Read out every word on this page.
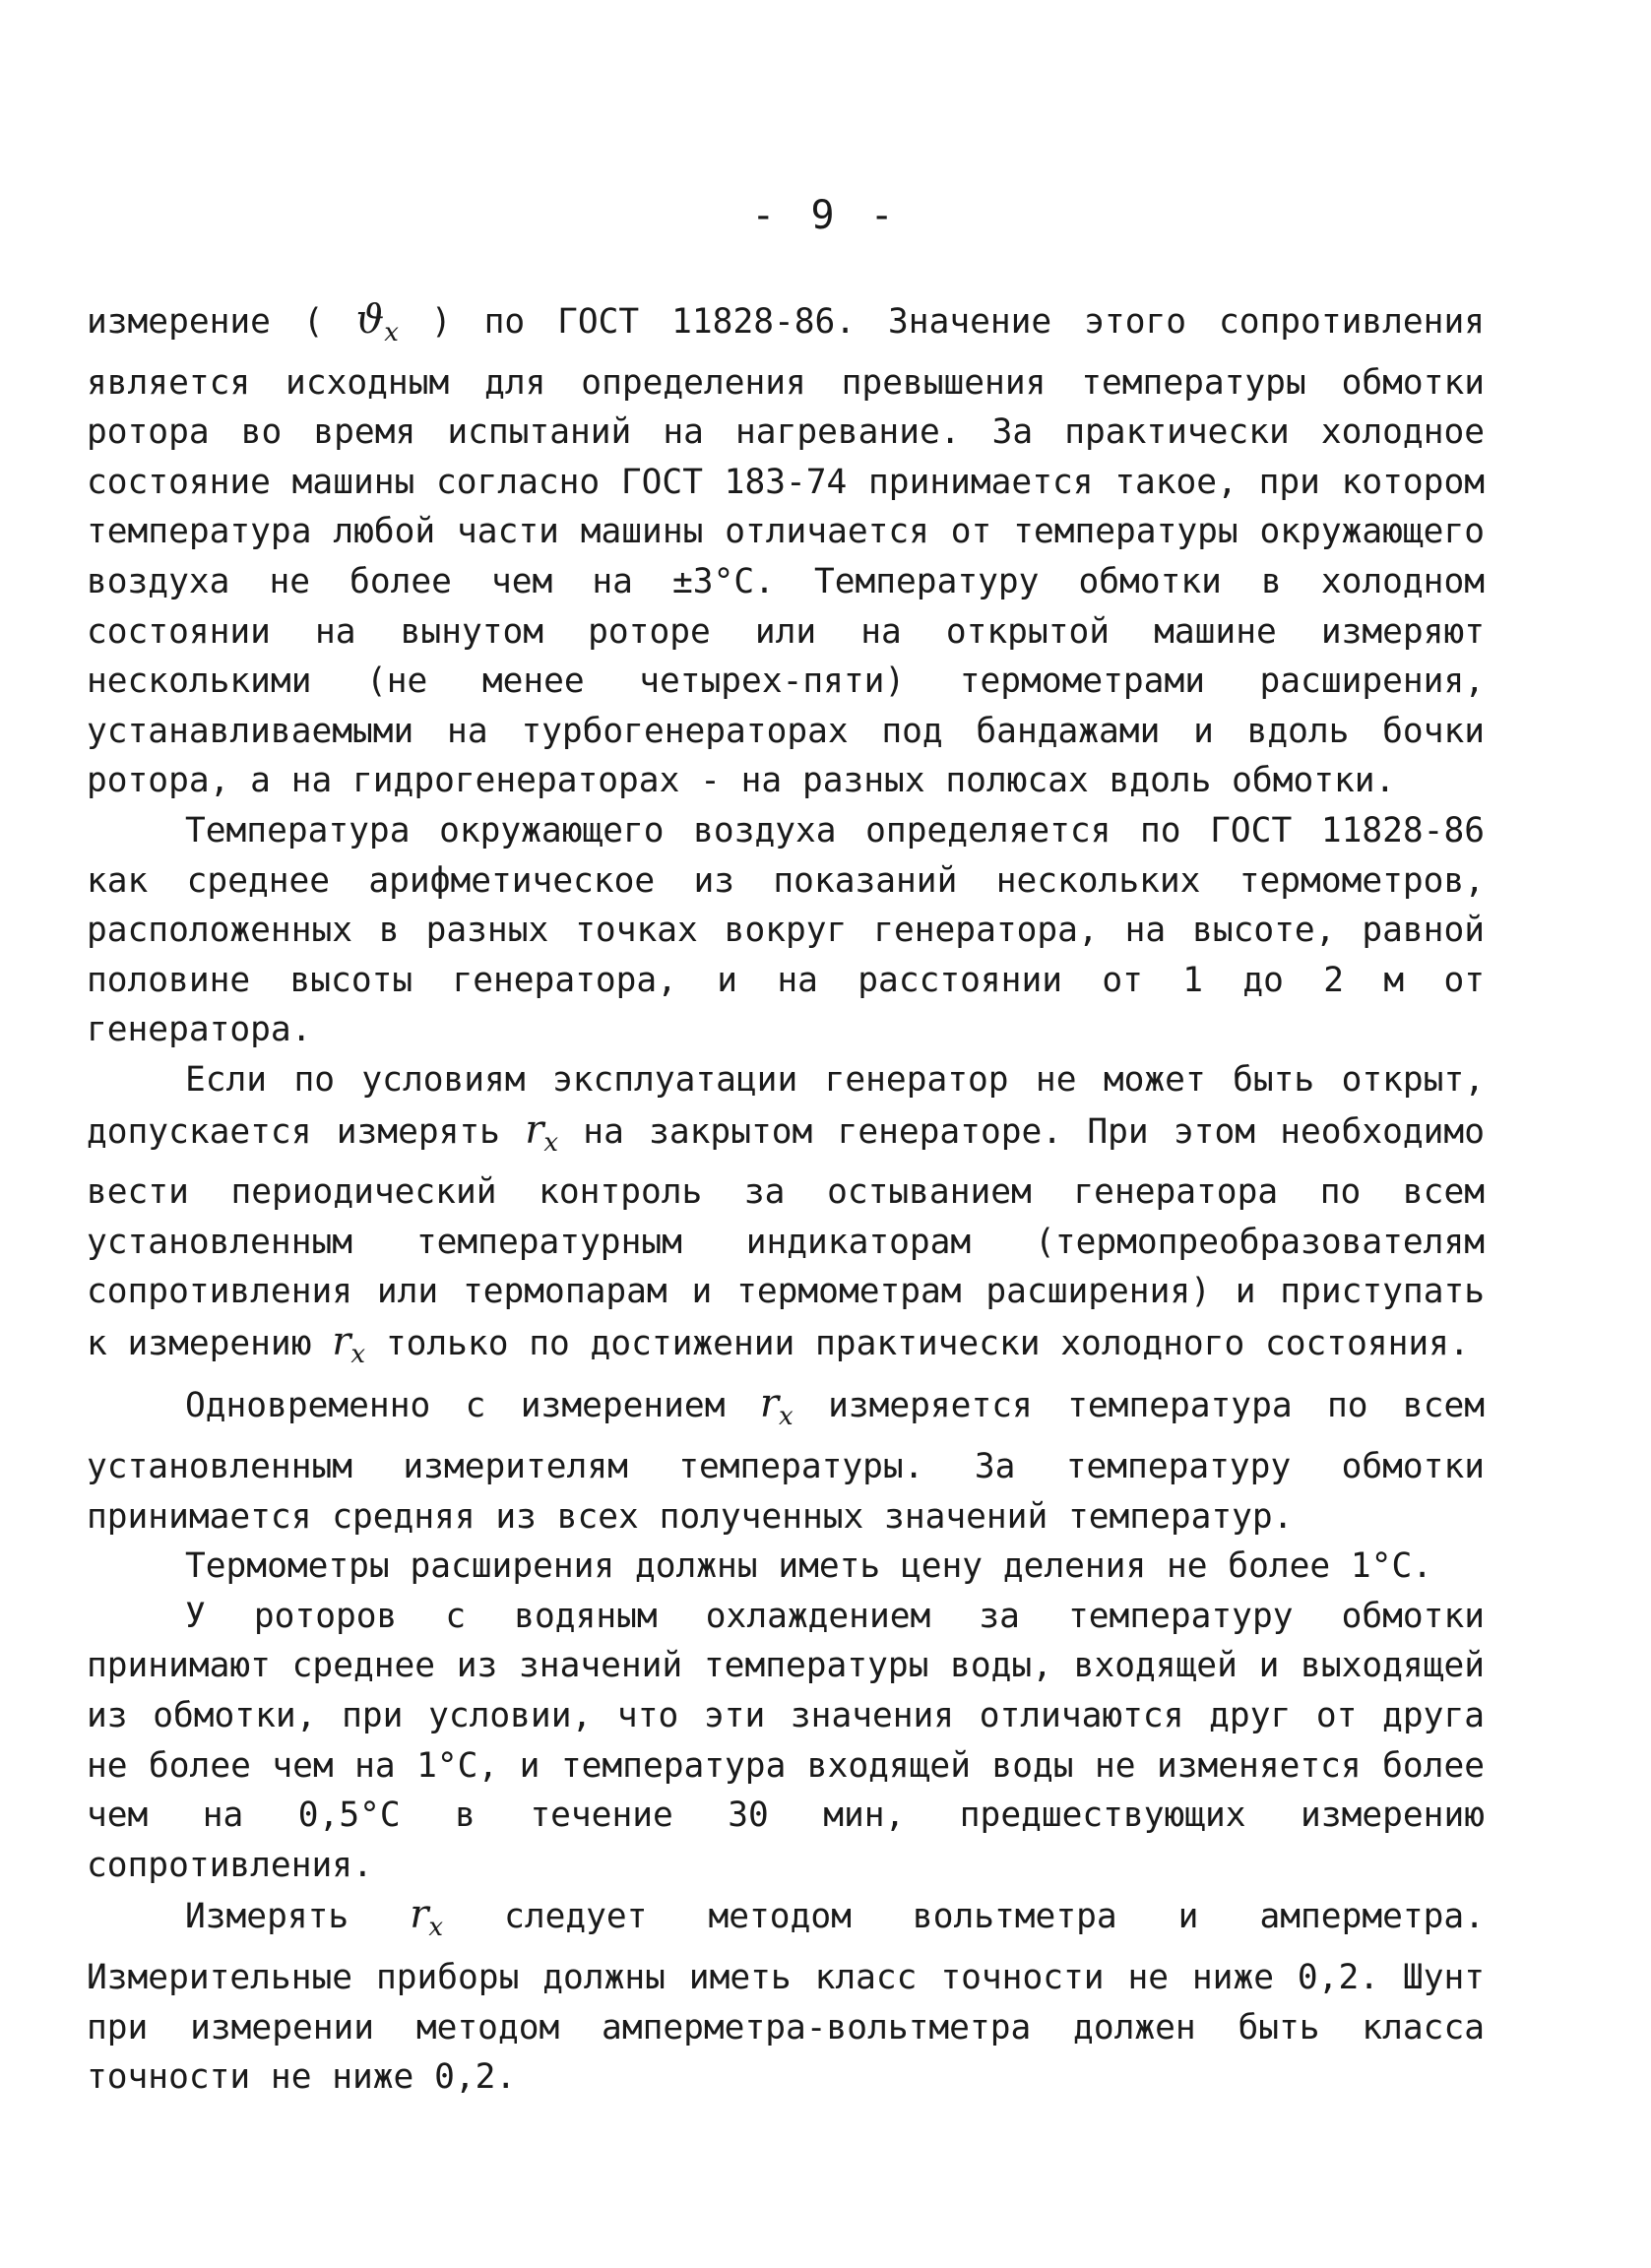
- 9 -

измерение ( $ϑ_x$ ) по ГОСТ 11828-86. Значение этого сопротивления является исходным для определения превышения температуры обмотки ротора во время испытаний на нагревание. За практически холодное состояние машины согласно ГОСТ 183-74 принимается такое, при котором температура любой части машины отличается от температуры окружающего воздуха не более чем на ±3°С. Температуру обмотки в холодном состоянии на вынутом роторе или на открытой машине измеряют несколькими (не менее четырех-пяти) термометрами расширения, устанавливаемыми на турбогенераторах под бандажами и вдоль бочки ротора, а на гидрогенераторах - на разных полюсах вдоль обмотки.

Температура окружающего воздуха определяется по ГОСТ 11828-86 как среднее арифметическое из показаний нескольких термометров, расположенных в разных точках вокруг генератора, на высоте, равной половине высоты генератора, и на расстоянии от 1 до 2 м от генератора.

Если по условиям эксплуатации генератор не может быть открыт, допускается измерять $r_x$ на закрытом генераторе. При этом необходимо вести периодический контроль за остыванием генератора по всем установленным температурным индикаторам (термопреобразователям сопротивления или термопарам и термометрам расширения) и приступать к измерению $r_x$ только по достижении практически холодного состояния.

Одновременно с измерением $r_x$ измеряется температура по всем установленным измерителям температуры. За температуру обмотки принимается средняя из всех полученных значений температур.

Термометры расширения должны иметь цену деления не более 1°С.

У роторов с водяным охлаждением за температуру обмотки принимают среднее из значений температуры воды, входящей и выходящей из обмотки, при условии, что эти значения отличаются друг от друга не более чем на 1°С, и температура входящей воды не изменяется более чем на 0,5°С в течение 30 мин, предшествующих измерению сопротивления.

Измерять $r_x$ следует методом вольтметра и амперметра. Измерительные приборы должны иметь класс точности не ниже 0,2. Шунт при измерении методом амперметра-вольтметра должен быть класса точности не ниже 0,2.
